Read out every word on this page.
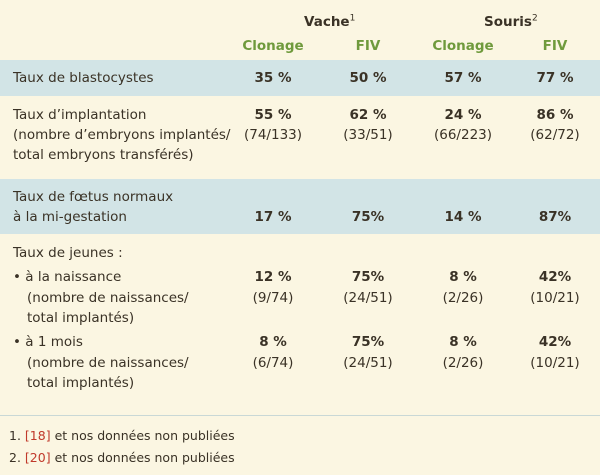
Vache$^1$	Souris$^2$
Clonage	FIV	Clonage	FIV
Taux de blastocystes	35 %	50 %	57 %	77 %
Taux d’implantation
(nombre d’embryons implantés/
total embryons transférés)
55 %	62 %	24 %	86 %
(74/133)	(33/51)	(66/223)	(62/72)
Taux de fœtus normaux
à la mi-gestation	17 %	75%	14 %	87%
Taux de jeunes :
• à la naissance
(nombre de naissances/
total implantés)
12 %	75%	8 %	42%
(9/74)	(24/51)	(2/26)	(10/21)
• à 1 mois
(nombre de naissances/
total implantés)
8 %	75%	8 %	42%
(6/74)	(24/51)	(2/26)	(10/21)
1. [18] et nos données non publiées
2. [20] et nos données non publiées
